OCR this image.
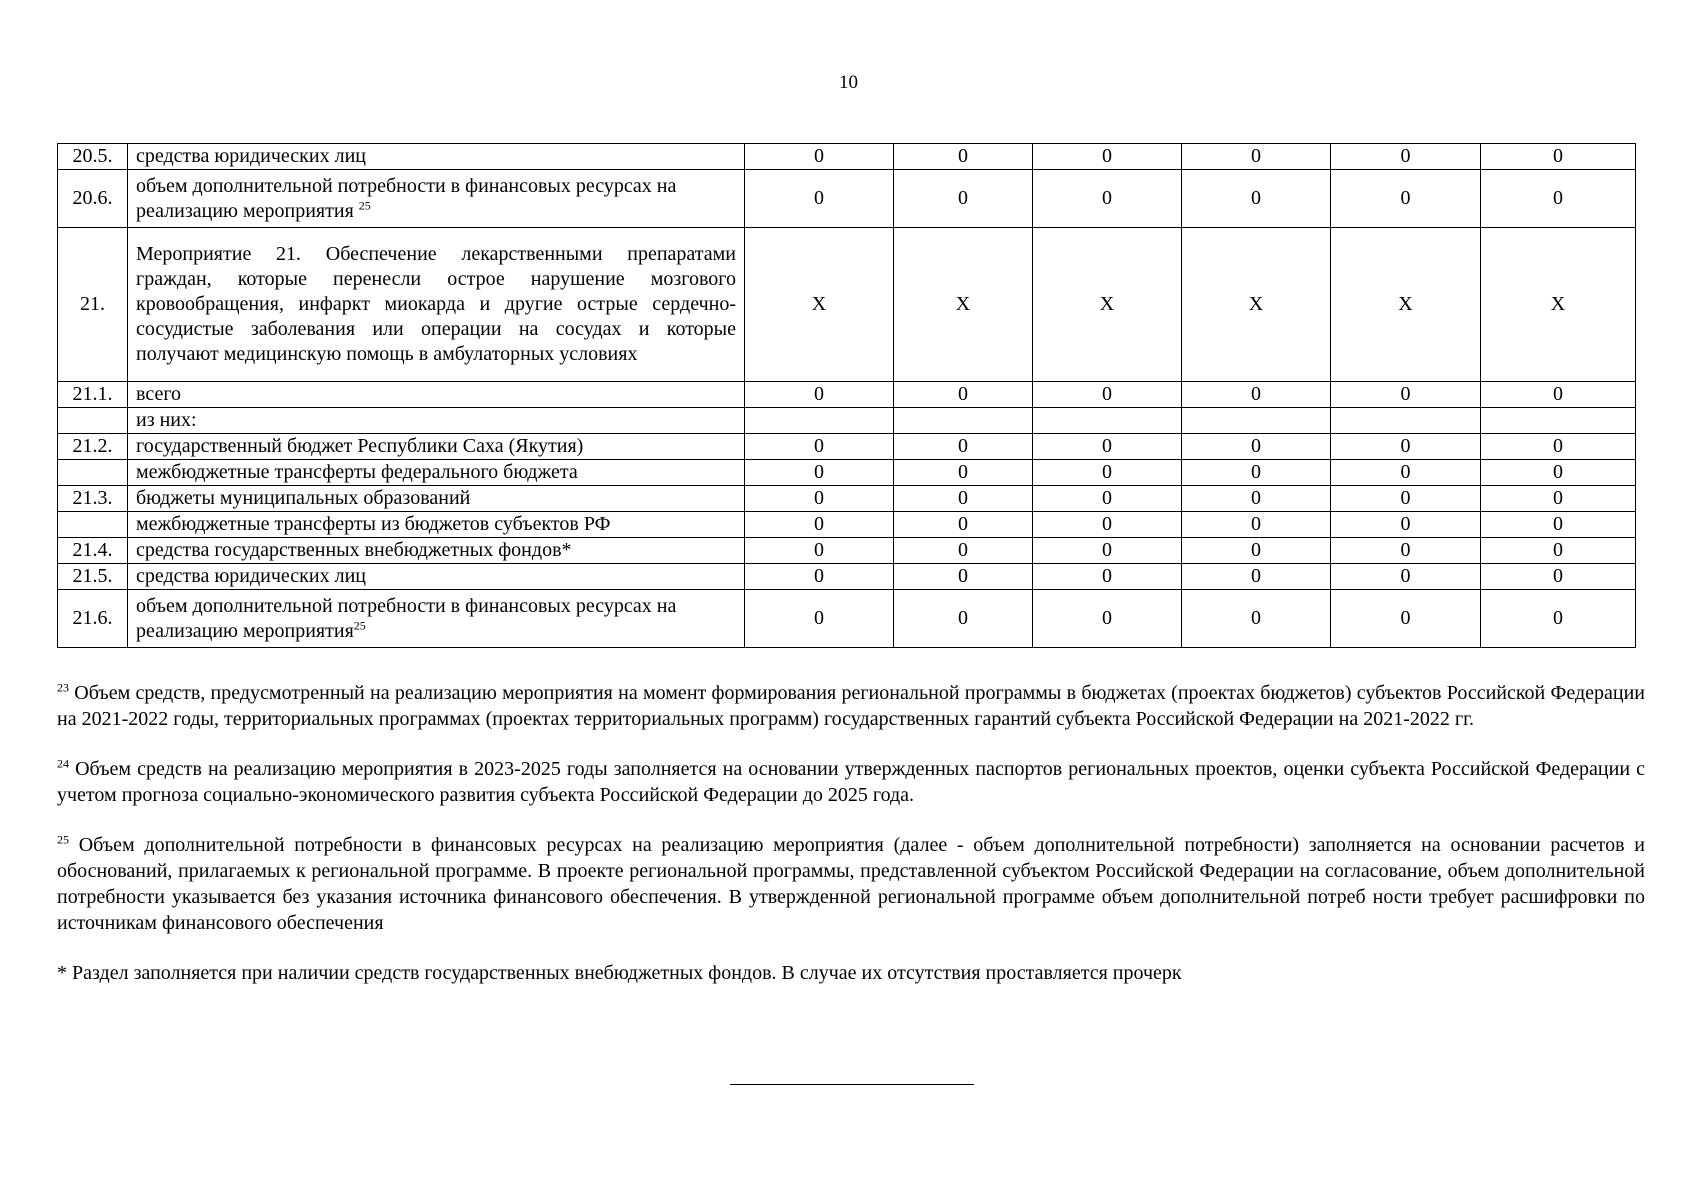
10
20.5.	средства юридических лиц	0	0	0	0	0	0
20.6.	объем дополнительной потребности в финансовых ресурсах на реализацию мероприятия $^{25}$	0	0	0	0	0	0
21.	Мероприятие 21. Обеспечение лекарственными препаратами граждан, которые перенесли острое нарушение мозгового кровообращения, инфаркт миокарда и другие острые сердечно-сосудистые заболевания или операции на сосудах и которые получают медицинскую помощь в амбулаторных условиях	X	X	X	X	X	X
21.1.	всего	0	0	0	0	0	0
	из них:						
21.2.	государственный бюджет Республики Саха (Якутия)	0	0	0	0	0	0
	межбюджетные трансферты федерального бюджета	0	0	0	0	0	0
21.3.	бюджеты муниципальных образований	0	0	0	0	0	0
	межбюджетные трансферты из бюджетов субъектов РФ	0	0	0	0	0	0
21.4.	средства государственных внебюджетных фондов*	0	0	0	0	0	0
21.5.	средства юридических лиц	0	0	0	0	0	0
21.6.	объем дополнительной потребности в финансовых ресурсах на реализацию мероприятия$^{25}$	0	0	0	0	0	0

$^{23}$ Объем средств, предусмотренный на реализацию мероприятия на момент формирования региональной программы в бюджетах (проектах бюджетов) субъектов Российской Федерации на 2021-2022 годы, территориальных программах (проектах территориальных программ) государственных гарантий субъекта Российской Федерации на 2021-2022 гг.

$^{24}$ Объем средств на реализацию мероприятия в 2023-2025 годы заполняется на основании утвержденных паспортов региональных проектов, оценки субъекта Российской Федерации с учетом прогноза социально-экономического развития субъекта Российской Федерации до 2025 года.

$^{25}$ Объем дополнительной потребности в финансовых ресурсах на реализацию мероприятия (далее - объем дополнительной потребности) заполняется на основании расчетов и обоснований, прилагаемых к региональной программе. В проекте региональной программы, представленной субъектом Российской Федерации на согласование, объем дополнительной потребности указывается без указания источника финансового обеспечения. В утвержденной региональной программе объем дополнительной потреб ности требует расшифровки по источникам финансового обеспечения

* Раздел заполняется при наличии средств государственных внебюджетных фондов. В случае их отсутствия проставляется прочерк
